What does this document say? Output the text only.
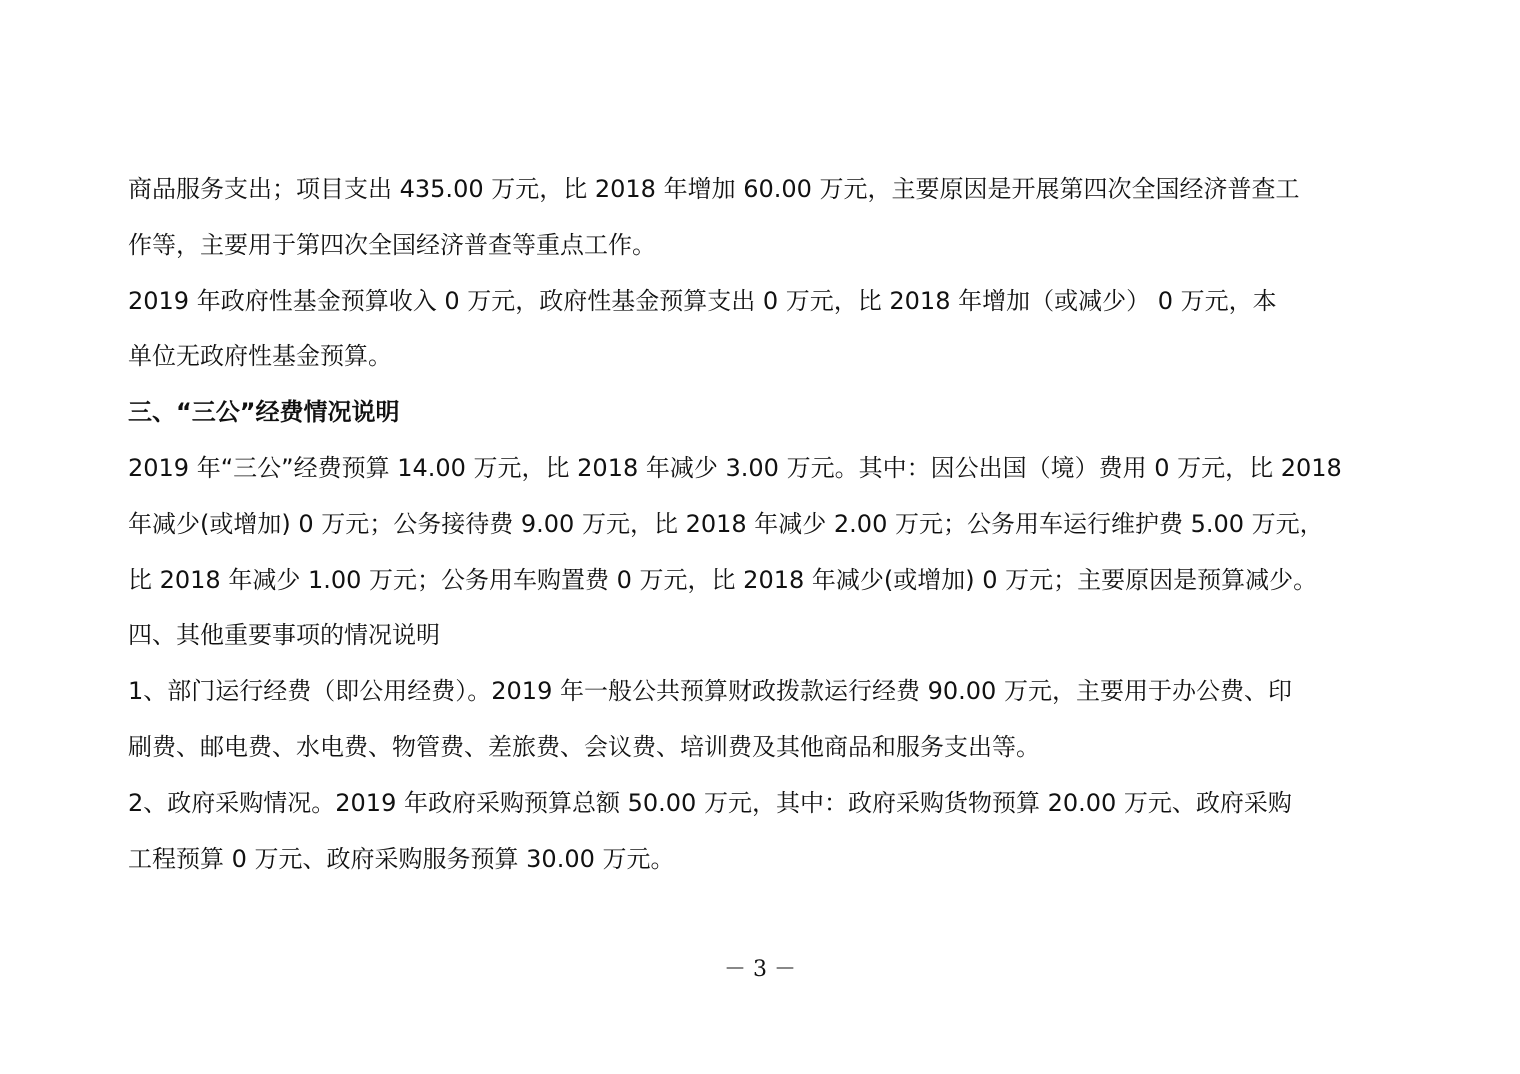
商品服务支出；项目支出 435.00 万元，比 2018 年增加 60.00 万元，主要原因是开展第四次全国经济普查工
作等，主要用于第四次全国经济普查等重点工作。
2019 年政府性基金预算收入 0 万元，政府性基金预算支出 0 万元，比 2018 年增加（或减少） 0 万元，本
单位无政府性基金预算。
三、“三公”经费情况说明
2019 年“三公”经费预算 14.00 万元，比 2018 年减少 3.00 万元。其中：因公出国（境）费用 0 万元，比 2018
年减少(或增加) 0 万元；公务接待费 9.00 万元，比 2018 年减少 2.00 万元；公务用车运行维护费 5.00 万元，
比 2018 年减少 1.00 万元；公务用车购置费 0 万元，比 2018 年减少(或增加) 0 万元；主要原因是预算减少。
四、其他重要事项的情况说明
1、部门运行经费（即公用经费）。2019 年一般公共预算财政拨款运行经费 90.00 万元，主要用于办公费、印
刷费、邮电费、水电费、物管费、差旅费、会议费、培训费及其他商品和服务支出等。
2、政府采购情况。2019 年政府采购预算总额 50.00 万元，其中：政府采购货物预算 20.00 万元、政府采购
工程预算 0 万元、政府采购服务预算 30.00 万元。
－ 3 －
